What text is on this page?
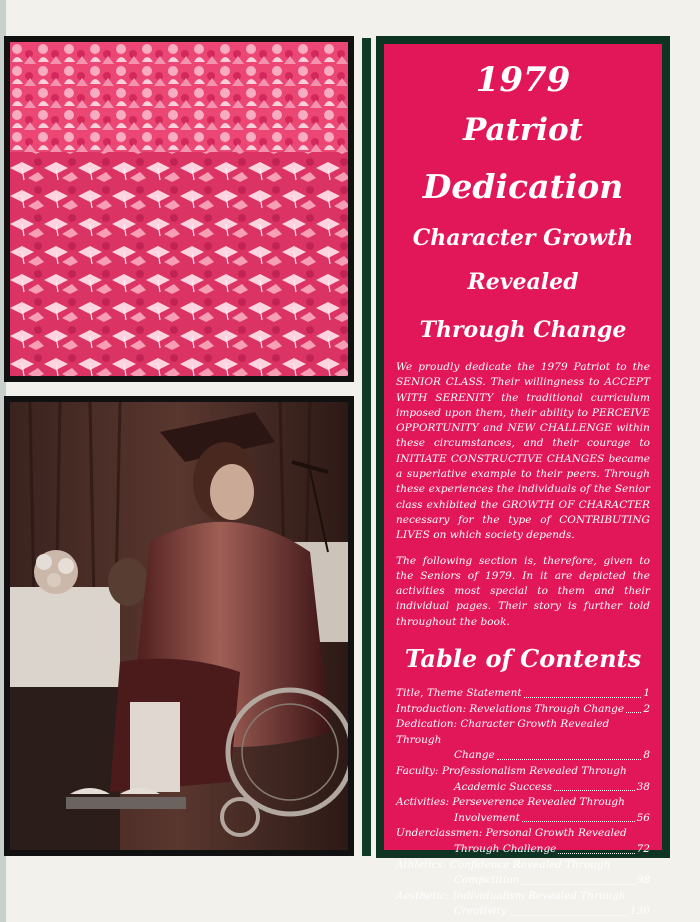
1979
Patriot
Dedication
Character Growth
Revealed
Through Change
We proudly dedicate the 1979 Patriot to the SENIOR CLASS. Their willingness to ACCEPT WITH SERENITY the traditional curriculum imposed upon them, their ability to PERCEIVE OPPORTUNITY and NEW CHALLENGE within these circumstances, and their courage to INITIATE CONSTRUCTIVE CHANGES became a superlative example to their peers. Through these experiences the individuals of the Senior class exhibited the GROWTH OF CHARACTER necessary for the type of CONTRIBUTING LIVES on which society depends.
The following section is, therefore, given to the Seniors of 1979. In it are depicted the activities most special to them and their individual pages. Their story is further told throughout the book.
Table of Contents
Title, Theme Statement	1
Introduction: Revelations Through Change 2
Dedication: Character Growth Revealed Through
Change	8
Faculty: Professionalism Revealed Through
Academic Success	38
Activities: Perseverence Revealed Through
Involvement	56
Underclassmen: Personal Growth Revealed
Through Challenge	72
Athletics: Confidence Revealed Through
Competition	98
Aesthetic: Individualism Revealed Through
Creativity	130
